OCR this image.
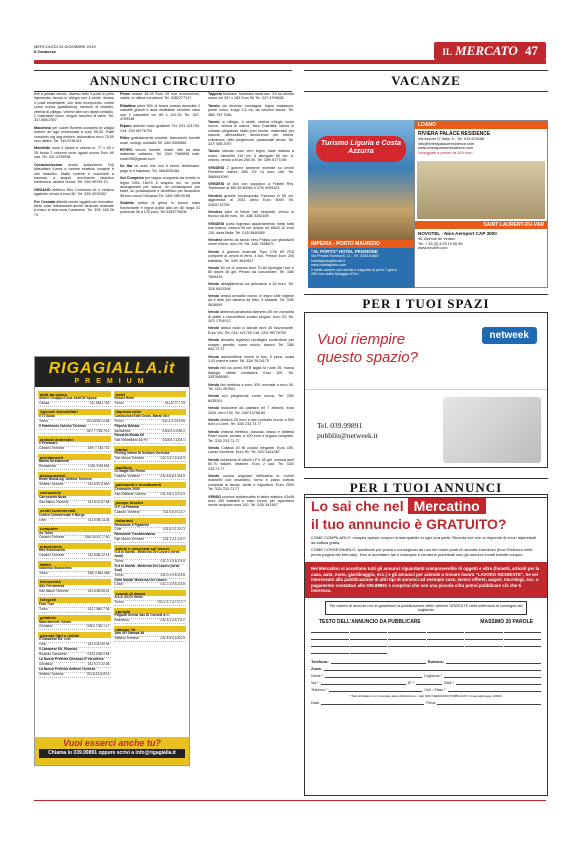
MERCOLEDÌ 10 DICEMBRE 2019
Il Canavese	IL MERCATO 47
ANNUNCI CIRCUITO	VACANZE

bile a pedale vendo: diverso letto 3 posti in pelle rigenerata, tavolo in ciliegio con 4 sedie, divano 3 posti sfoderabile, con letto incorporato, volete come nuova (parabolica), tavolino di cristallo, vetrina di ciliegio, vetrine alte con ripiani cristallo, 2 materassi nuovi, singoli, tavolino di vetro. Tel. 347-558.2057

Macchina per cucire Borletti completa di valigia motore ad ago revisionata a euro 55,00. Piatti completo zig zag motore, automatica euro 75,00 vero affare. Tel. 349.5781411

Mobiletto noce 4 ripiani e vetrina m. 77 x 45 x 35 fondo 2 colonne noce uguali nuove Euro 60 cad. Tel. 347-4709938

Occasionissima vendo spazzolone Fuji Mitsubishi Korea a turbine esattoio conghie e olio idraulico, rifatto motore e cuscinetti a trazione, a singoli, movimento idraulico elettronico, rasiere nuove. Tel. 339/ 89781 13

ORGANO elettrico Eko Conforum-44 e relativo sgabello vendo a euro 80. Tel. 339/ 8220387

Per Cessata attività vendo oggetti per mercatini, tante cose interessanti anche lanzuole ricamate a mano in tela zona Canavese. Tel. 339/ 246 26 74

Pinne marea 38-39 Euro 25 non economiche, valide, in ottime condizioni Tel. 3283277147

Ribaltina primi 900 di forma mossa decorata 2 cassetti grandi e anta ribaltabile cerniere vano con 4 cassettini cm 89 x 102.53 Tel. 347-4709938

Riparo antiche radio grafiche! Tel. 031 421700. Cell. 339 96776793

Ritiro gratuitamente monete, francobolli, fumetti usati, orologi, soldatini Tel. 340/ 6606861

RITIRO vecchi fumetti, riviste, libri ed altro materiale cartaceo. Tel. 334/ 7665698 mail: rosle195@gmail.com

Se Hai un auto che non ti serve, telefonami, pago in il trapasso. Tel. 3664939184

Set Completo per bagno composto da mobile in legno 100x 18x70 e sospino wc, un porta asciugamani per vasca, un portasapone per bidet, un portasapone e dentifricio per lavandino 98 euro zona Chivasso Tel. 345/ 089.09.68

Stufetta antica di ghisa in buono stato funzionante e legna pulita alta cm 80 larga 31 profonda 48 a 120 euro. Tel.3353776808

Tappeto bukhara- turkestan metà sec. XX su sfondo rosso cm 257 x 183 Euro 90 Tel. 347-4709838

Tavolo da fervmar montagna, legno massiccio, piede unico, luogo 1,5 mt, da veranni vendo. Tel. 380/ 793 7084

Tavolo in ciliegio, 4 sedie, vetrina ciliegio come nuove, vetrina di marca, Tavo Grazialla, tavolo in cristallo piegatosu stallo peri tonole, materassi per stanzie, attrezzature, decorrenze per tubetti, svitolmere, letto pieghevole, parasmatti vendo. Tel. 347/ 558.2057

Tavolo rotondo noce vero legno, base intarsio a mano, diametro 110 cm. 6 allungato 80 cm. a, chiedo, vendo a Euro 250,00. Tel. 339/ 6177198

VENDESI 2 gomme antineve montate su cerchi Firestone misure 165/ 70/ 14 euro 160. Tel. 3665943090

VENDESI al box con soppalco a Fratelli Rey. Telefonare al 380 69 60083 o 379/ 9495123.

Vendesi grande enciclopedia Treccani in 56 vol. aggiornata al 2011 anno Euro 5000 Tel. 328/5719795

Vendesi zaini di Nieve van nespretti, vendo in blocco da 80 euro. Tel. 338/ 3362169

VENDESI porta ingresso appartamento metà tutta sub bianco, misura 90 cm. ampio mt 180x2,12 euro 130, dima Bella. Tel. 015/ 8460555

Vendesi stereo da tavolo nero Philips con giradischi come nuovo, euro 90. Tel. 346/ 7656671

Vendo 4 gomme invernali Toyo 175/ 60 R15 complete di cerchi in ferro, 4 fori. Prezzo Euro 200 trattabile. Tel. 349/ 3642837

Vendo 80 cd di musica anni 70-80 tipologia rock e 80 dischi 45 giri. Prezzo da concordare. Tel. 338/ 7804419

Vendo abbigliamento da pescatore a 40 euro. Tel. 333/ 8913394

Vendo ampio armadio nuovo in legno stile inglese da 6 ante per camera da letto, 4 cassetti. Tel. 339/ 5816849

Vendo antenna parabolica diametro 80 cm completa di staffe e convertitore zodiac singolo. euro 20. Tel. 347/ 2704013

Vendo antica radio a valvole anni 40 funzionante. Euro 110. Tel. 031/ 421700 Cell. 339/ 96776793

Vendo armadio ingresso ripostiglio contenitore per scarpe, pensile, come nuovo, bianco. Tel. 338/ 845.72.72

Vendo automobiline nuove in box, 5 pezzi, scala 1:43 marche varie. Tel. 334/ 9124175

Vendo bici da uomo MTB taglia M ruote 26, marca Italjogo, ottime condizioni. Euro 100. Tel. 3357689960

Vendo bici elettrica a euro 300, normale a euro 50. Tel. 031/ 267061

Vendo bici pieghevole come nuova. Tel. 339/ 8435201

Vendo bilanciere da palestra mt 7 attrezzi, euro 2000, euro 100. Tel. 346/ 10768.80

Vendo chitarra 20 euro e sax contralto nuovo a 500 euro a Cinet. Tel. 333/ 233.73.77

Vendo chitarra elettrica, classica, basso e batteria Pearl nuove, privato, a 100 euro e organo completo. Tel. 333/ 233.73.77

Vendo Collana 20 fili corallo elegante, Euro 150. Lanaz lunchese. Euro 90. Tel. 320/ 1611487

Vendo collezione di dischi LP e 45 giri, musica anni 60-70 italiani, stranieri. Euro 2 cad. Tel. 333/ 233.73.77

Vendo cucina angolare bellissima in rovere massello con lavandino, forno e piano cottura completa di tavolo, sedie e frigorifero. Euro 2500 Tel. 333/ 233.73.77

VENDO cuscino antidecubito in latice elastico 43x46 euro 100 trattabili e vaso nuovo per sgombero vendo acquisto euro 100. Tel. 015/ 541567

RIGAGIALLA.it
PREMIUM
abiti da sposa
Atelier Chuppo Il Due Abiti De Sposa
Calusa	011.9831.763
Agenzie Immobiliari
Il Ti Guido
Torino	011.6155.24.66
Il Patrimonio Calsino Torinese
347/ 7.738.70.2
animali domestici
Il Pelossaro
Cassino Torinese	349/ 7.738.702
arredamenti
Baima Arredamenti
Rovasenda	0161.9.89.804
assicurazioni
Reale Mutua Ag. Settimo Torinese
Settimo Torinese	011.8.87.8.690
carrozzerie
Carrozzeria Nizza
San Mauro Torinese	011.8.22.57.68
centri commerciali
Centro Commerciale Il Borgo
Leini	011.9.98.14.36
computer
As Torco
Cassino Torinese	334/ 34.61.77.60
erboristerie
Rifo Erboristeria
Cassino Torinese	011.9.86.12.14
fabbri
Indovino Gioacchino
Torino	338/ 2.664.466
ferramenta
Alto Ferramenta
San Mauro Torinese	011.8.98.08.21
fotografi
Foto Toro
Torino	011.7.860.7.36
gelaterie
Naturalmente Gelato
Chivasso	0181/ 7.80.1.17
giornali libri e riviste
Il Canavese Ed. Crin
Ciriè	011.9.20.49.06
Il Canavese Ed. Rivarolo
Rivarolo Canavese	0124.4.85.0.66
La Nuova Periferia Chivasso E Vercellese
Chivasso	011.9.17.32.05
La Nuova Periferia Settimo Torinese
Settimo Torinese	011.8.02.6.63.5
hotel
Resort Hotel
Torino	011.6.77.7.33
impresa edile
Costruzioni Edili Geom. Maran Sne
Torino	011.4.3.20.5.95
Filipello Edilizia
Alcibanese	0116.9.4.0.69.2
Riccardo Binda Srl
San Sebastiano Da Po	0118.8.1.15.8.1
intimo
Feeling Intimo Di Schiavo Veronica
San Mauro Torinese	011.0.2.2.0.4.8.3
panificio
Le Magie Del Forno
Cassino Torinese	011.8.6.6.1.8.6.9
pavimenti e rivestimenti
Ceramiche 2000
San Raffaele Cimena	011.9.8.1.3.0.0.9
pompe funebri
O.F. La Fiamma
Cassino Torinese	011.9.8.0.0.3.7
ristoranti
Ristorante Il Figadello
Ciriè	011.9.2.1.8.0.3
Ristorante Trecaborbasso
San Mauro Torinese	011.7.2.1.1.8.0
salute e sicurezza sul lavoro
G.d.m Sanità - Medicina Del Lavoro (Ivrea Nord)
Torino	011.0.1.9.6.2.6.8
G.d.m Sanità - Medicina Del Lavoro (Ivrea Sud)
Torino	011.0.1.9.6.2.6.8
Gdm Sanità' Medicina Del Lavoro
Cirioli	011.0.1.9.6.2.6.8
scuole di danza
A.s.d. All Di Vento
Torino	011.1.9.7.3.7.0.7.7
spurghi
Pogoun Servizi Sas Di Carnelli & C.
Brandizzo	011.9.1.3.8.7.5.2
stampe 3d
3dm Srl Stampa 3d
Settimo Torinese	011.8.9.5.0.8.6.9
Vuoi esserci anche tu?
Chiama lo 039.99891 oppure scrivi a info@rigagialla.it
Turismo Liguria e Costa Azzurra
IMPERIA - PORTO MAURIZIO
"AL PORTO" HOTEL PENSIONE
Via Privata Ramboldi, 13 - Tel. 0183.64867
hotelalporto@email.it
www.hotelalporto.com
2 stelle camere con servizi e cappotto di primi 7 giorni
250 euro dalla Spiaggia d'Oro
LOANO
RIVIERA PALACE RESIDENCE
Via Azzurri D' Italia, 9 - Tel. 019 674188
info@rivierapalaceresidence.com
www.rivierapalaceresidence.com
Noleggiate a partire da 500 euro
SAINT LAURENT-DU-VAR
NOVOTEL - Nice Aeroport CAP 3000
40, Avenue de Verdun
Tel. + 33 (0) 4 93 19 55 55
www.novotel.com
PER I TUOI SPAZI
Vuoi riempire questo spazio?
netweek
Tel. 039.99891
pubblin@netweek.it
PER I TUOI ANNUNCI
Lo sai che nel Mercatino
il tuo annuncio è GRATUITO?

COME COMPILARLO: compila questo coupon in stampatello in ogni sua parte. Ricorda che non si risponde di errori dipendenti da cattiva grafia.

COME CONSEGNARLO: spediscilo per posta o consegnalo ad uno dei nostri punti di raccolta inserzioni (trovi l'indirizzo nella prima pagina del Mercato). Non si accettano fax o fotocopie e verranno pubblicati solo gli annunci inviati tramite coupon.

Nel Mercatino si accettano tutti gli annunci riguardanti compravendite di oggetti e altro (fumetti, articoli per la casa, auto, moto, giardinaggio, ecc.) e gli annunci per aziende a trovare lavoro "LAVORO RICHIESTE". Se sei interessato alla pubblicazione di altri tipi di annunci ad esempio case, lavoro offerte, auguri, necrologi, ecc. a pagamento contattaci allo 039.99891 e scoprirai che con una piccola cifra potrai pubblicare ciò che ti interessa.
Per essere di annunci non si garantisce la pubblicazione delle rubriche GRATUITE nella settimana di consegna del tagliando
TESTO DELL'ANNUNCIO DA PUBBLICARE	MASSIMO 20 PAROLE
Telefono:	Rubrica:
Zona:
Nome *	Cognome *
Via *	N° *	Città *
Telefono *	Cell. / Fisso *
* Dati obbligatori per procedere alla pubblicazione. I dati NON VERRANNO PUBBLICATI in base alla legge 196/03.
Data	Firma
